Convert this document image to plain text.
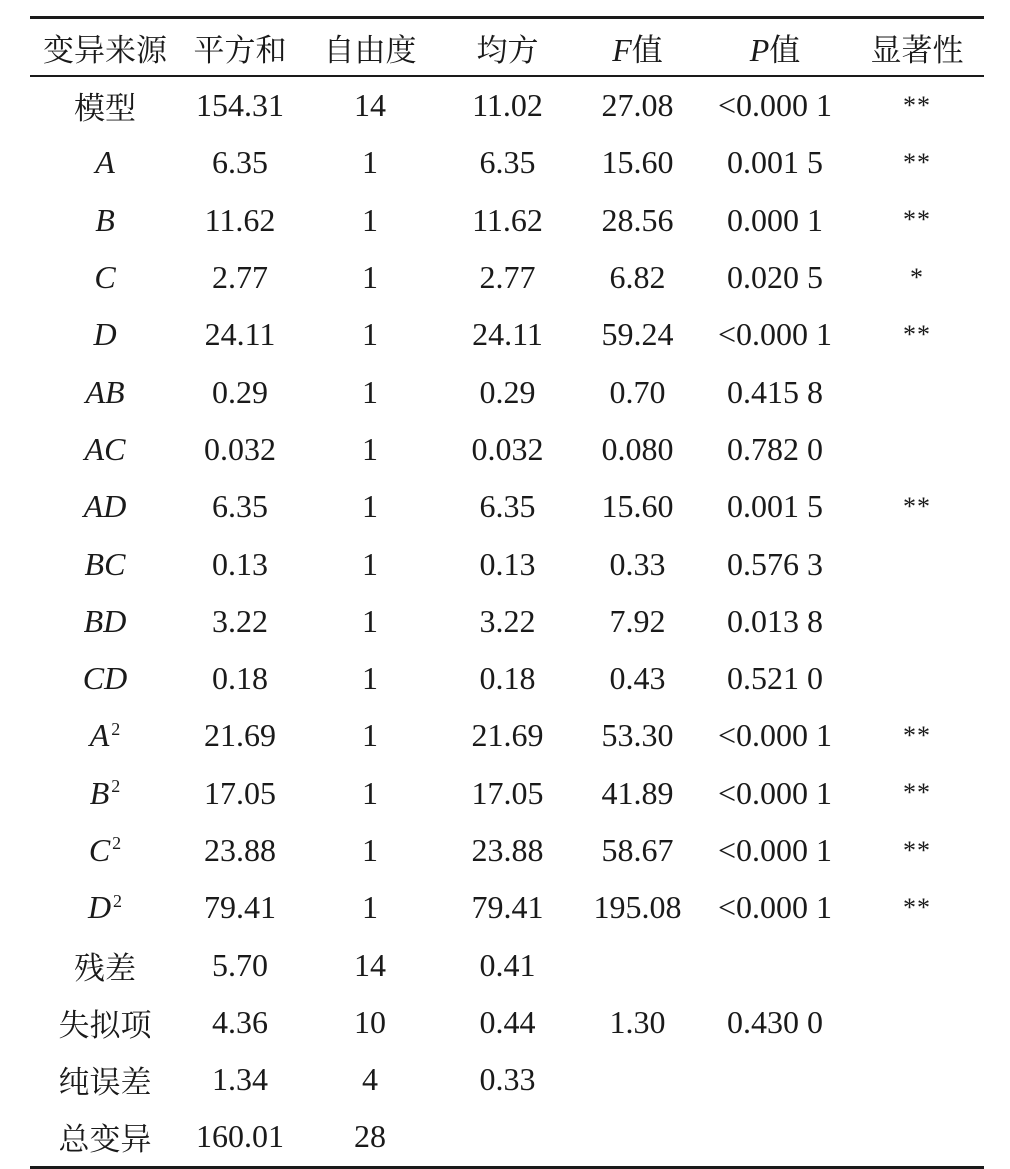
变异来源	平方和	自由度	均方	F值	P值	显著性
模型	154.31	14	11.02	27.08	<0.000 1	**
A	6.35	1	6.35	15.60	0.001 5	**
B	11.62	1	11.62	28.56	0.000 1	**
C	2.77	1	2.77	6.82	0.020 5	*
D	24.11	1	24.11	59.24	<0.000 1	**
AB	0.29	1	0.29	0.70	0.415 8	
AC	0.032	1	0.032	0.080	0.782 0	
AD	6.35	1	6.35	15.60	0.001 5	**
BC	0.13	1	0.13	0.33	0.576 3	
BD	3.22	1	3.22	7.92	0.013 8	
CD	0.18	1	0.18	0.43	0.521 0	
A $^2$	21.69	1	21.69	53.30	<0.000 1	**
B $^2$	17.05	1	17.05	41.89	<0.000 1	**
C $^2$	23.88	1	23.88	58.67	<0.000 1	**
D $^2$	79.41	1	79.41	195.08	<0.000 1	**
残差	5.70	14	0.41			
失拟项	4.36	10	0.44	1.30	0.430 0	
纯误差	1.34	4	0.33			
总变异	160.01	28				
